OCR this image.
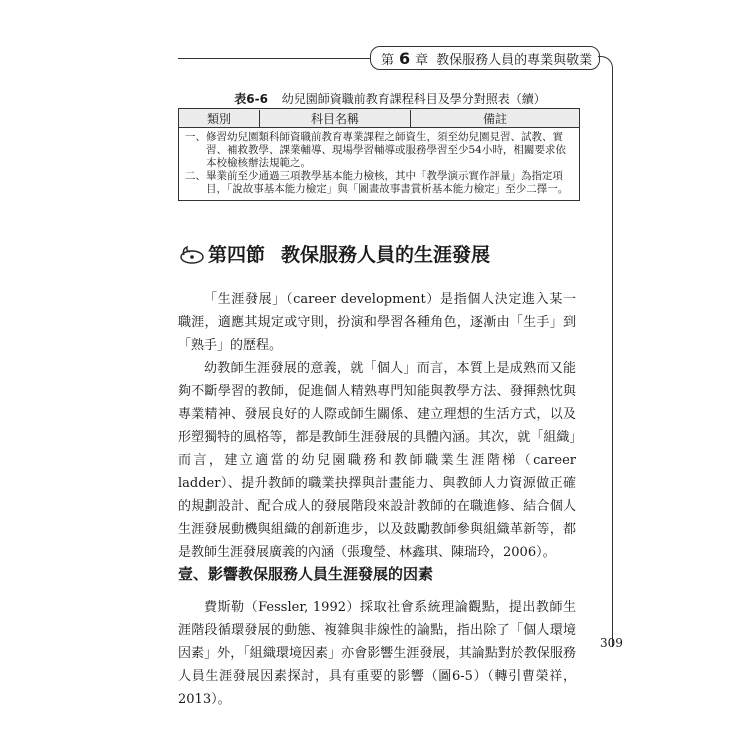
第 6 章 教保服務人員的專業與敬業
309
表6-6 幼兒園師資職前教育課程科目及學分對照表（續）
類別	科目名稱	備註
一、 修習幼兒園類科師資職前教育專業課程之師資生，須至幼兒園見習、試教、實習、補救教學、課業輔導、現場學習輔導或服務學習至少54小時，相關要求依本校檢核辦法規範之。
二、 畢業前至少通過三項教學基本能力檢核，其中「教學演示實作評量」為指定項目，「說故事基本能力檢定」與「圖畫故事書賞析基本能力檢定」至少二擇一。
第四節 教保服務人員的生涯發展

「生涯發展」（career development）是指個人決定進入某一職涯，適應其規定或守則，扮演和學習各種角色，逐漸由「生手」到「熟手」的歷程。

幼教師生涯發展的意義，就「個人」而言，本質上是成熟而又能夠不斷學習的教師，促進個人精熟專門知能與教學方法、發揮熱忱與專業精神、發展良好的人際或師生關係、建立理想的生活方式，以及形塑獨特的風格等，都是教師生涯發展的具體內涵。其次，就「組織」而言，建立適當的幼兒園職務和教師職業生涯階梯（career ladder）、提升教師的職業抉擇與計畫能力、與教師人力資源做正確的規劃設計、配合成人的發展階段來設計教師的在職進修、結合個人生涯發展動機與組織的創新進步，以及鼓勵教師參與組織革新等，都是教師生涯發展廣義的內涵（張瓊瑩、林鑫琪、陳瑞玲，2006）。

壹、影響教保服務人員生涯發展的因素

費斯勒（Fessler, 1992）採取社會系統理論觀點，提出教師生涯階段循環發展的動態、複雜與非線性的論點，指出除了「個人環境因素」外，「組織環境因素」亦會影響生涯發展，其論點對於教保服務人員生涯發展因素探討，具有重要的影響（圖6-5）（轉引曹榮祥，2013）。
